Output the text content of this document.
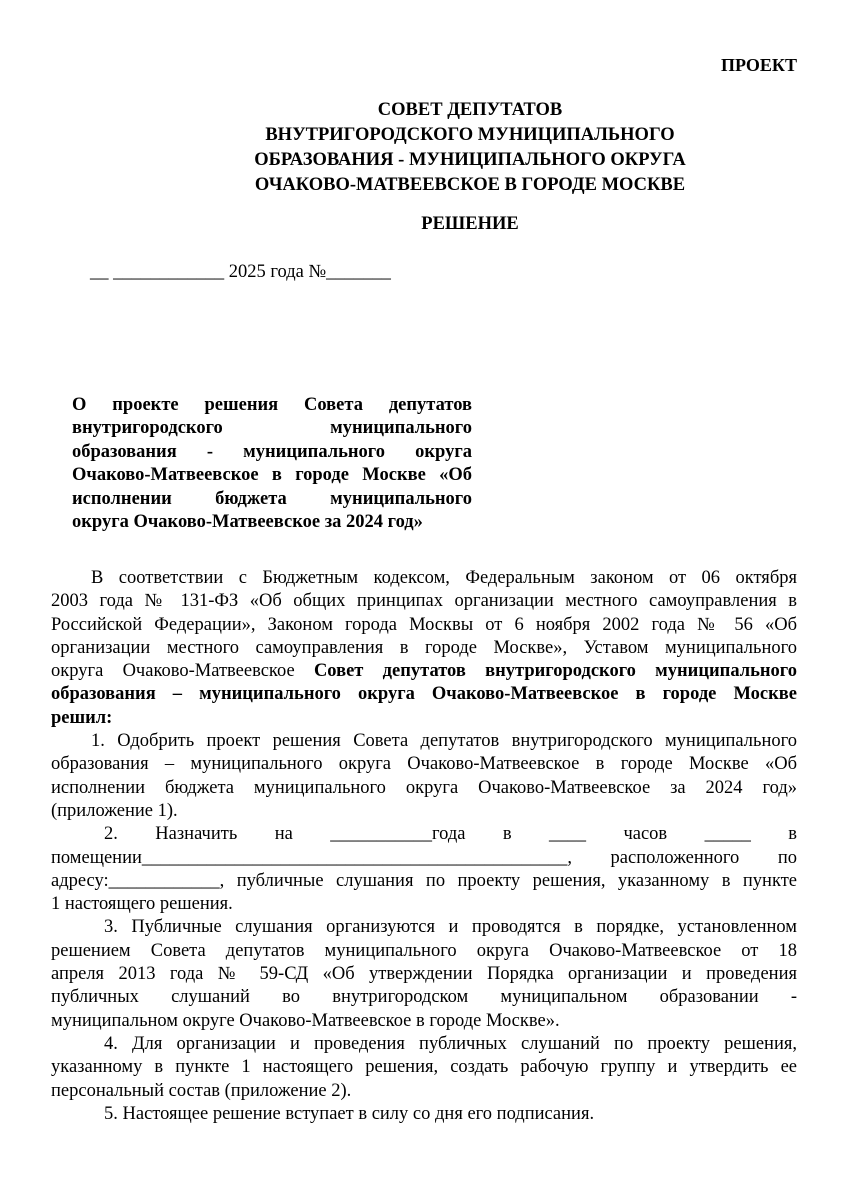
ПРОЕКТ
СОВЕТ ДЕПУТАТОВ
ВНУТРИГОРОДСКОГО МУНИЦИПАЛЬНОГО
ОБРАЗОВАНИЯ - МУНИЦИПАЛЬНОГО ОКРУГА
ОЧАКОВО-МАТВЕЕВСКОЕ В ГОРОДЕ МОСКВЕ
РЕШЕНИЕ
__ ____________ 2025 года №_______
О проекте решения Совета депутатов
внутригородского муниципального
образования - муниципального округа
Очаково-Матвеевское в городе Москве «Об
исполнении бюджета муниципального
округа Очаково-Матвеевское за 2024 год»
В соответствии с Бюджетным кодексом, Федеральным законом от 06 октября
2003 года № 131-ФЗ «Об общих принципах организации местного самоуправления в
Российской Федерации», Законом города Москвы от 6 ноября 2002 года № 56 «Об
организации местного самоуправления в городе Москве», Уставом муниципального
округа Очаково-Матвеевское Совет депутатов внутригородского муниципального
образования – муниципального округа Очаково-Матвеевское в городе Москве
решил:
1. Одобрить проект решения Совета депутатов внутригородского муниципального
образования – муниципального округа Очаково-Матвеевское в городе Москве «Об
исполнении бюджета муниципального округа Очаково-Матвеевское за 2024 год»
(приложение 1).
2. Назначить на ___________года в ____ часов _____ в
помещении______________________________________________, расположенного по
адресу:____________, публичные слушания по проекту решения, указанному в пункте
1 настоящего решения.
3. Публичные слушания организуются и проводятся в порядке, установленном
решением Совета депутатов муниципального округа Очаково-Матвеевское от 18
апреля 2013 года № 59-СД «Об утверждении Порядка организации и проведения
публичных слушаний во внутригородском муниципальном образовании -
муниципальном округе Очаково-Матвеевское в городе Москве».
4. Для организации и проведения публичных слушаний по проекту решения,
указанному в пункте 1 настоящего решения, создать рабочую группу и утвердить ее
персональный состав (приложение 2).
5. Настоящее решение вступает в силу со дня его подписания.
